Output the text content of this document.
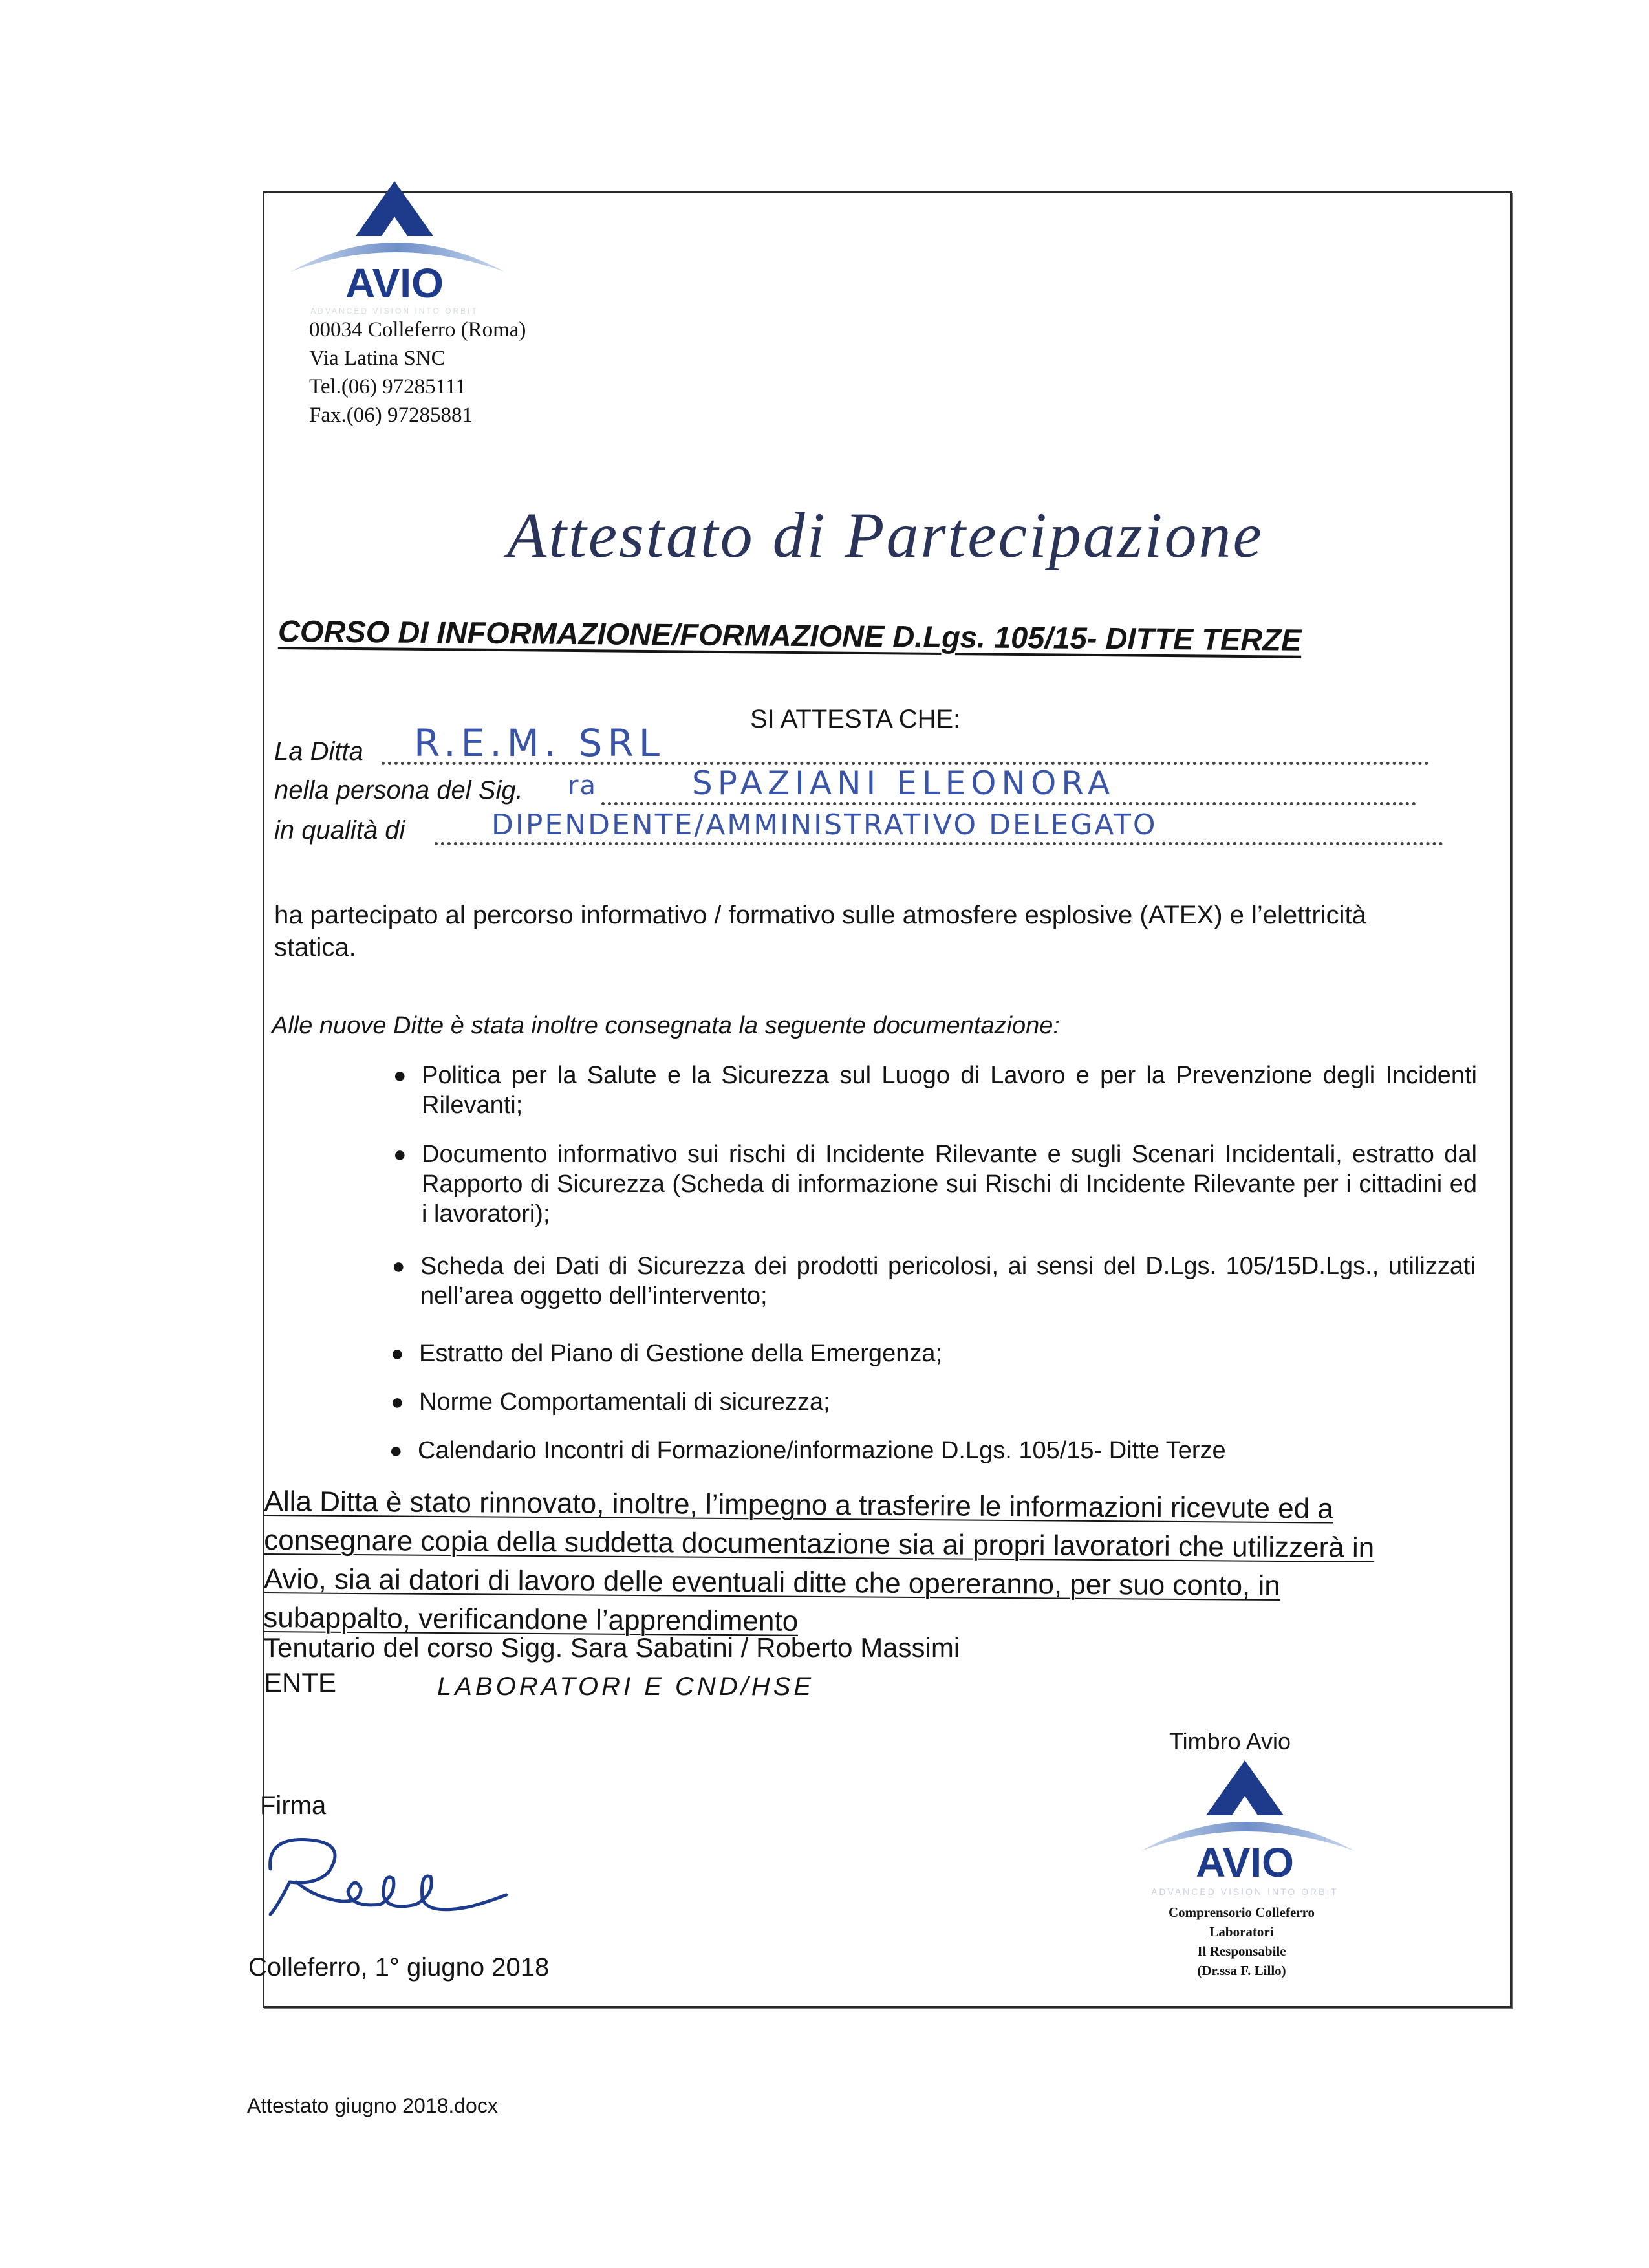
AVIO
ADVANCED VISION INTO ORBIT
00034 Colleferro (Roma)
Via Latina SNC
Tel.(06) 97285111
Fax.(06) 97285881
Attestato di Partecipazione
CORSO DI INFORMAZIONE/FORMAZIONE D.Lgs. 105/15- DITTE TERZE
SI ATTESTA CHE:
La Ditta R.E.M. SRL
nella persona del Sig. ra	SPAZIANI ELEONORA
in qualità di	DIPENDENTE/AMMINISTRATIVO DELEGATO
ha partecipato al percorso informativo / formativo sulle atmosfere esplosive (ATEX) e l’elettricità statica.
Alle nuove Ditte è stata inoltre consegnata la seguente documentazione:
● Politica per la Salute e la Sicurezza sul Luogo di Lavoro e per la Prevenzione degli Incidenti Rilevanti;
● Documento informativo sui rischi di Incidente Rilevante e sugli Scenari Incidentali, estratto dal Rapporto di Sicurezza (Scheda di informazione sui Rischi di Incidente Rilevante per i cittadini ed i lavoratori);
● Scheda dei Dati di Sicurezza dei prodotti pericolosi, ai sensi del D.Lgs. 105/15D.Lgs., utilizzati nell’area oggetto dell’intervento;
● Estratto del Piano di Gestione della Emergenza;
● Norme Comportamentali di sicurezza;
● Calendario Incontri di Formazione/informazione D.Lgs. 105/15- Ditte Terze
Alla Ditta è stato rinnovato, inoltre, l’impegno a trasferire le informazioni ricevute ed a consegnare copia della suddetta documentazione sia ai propri lavoratori che utilizzerà in Avio, sia ai datori di lavoro delle eventuali ditte che opereranno, per suo conto, in subappalto, verificandone l’apprendimento
Tenutario del corso Sigg. Sara Sabatini / Roberto Massimi
ENTE	LABORATORI E CND/HSE
Timbro Avio
AVIO
ADVANCED VISION INTO ORBIT
Comprensorio Colleferro
Laboratori
Il Responsabile
(Dr.ssa F. Lillo)
Firma
Colleferro, 1° giugno 2018
Attestato giugno 2018.docx
